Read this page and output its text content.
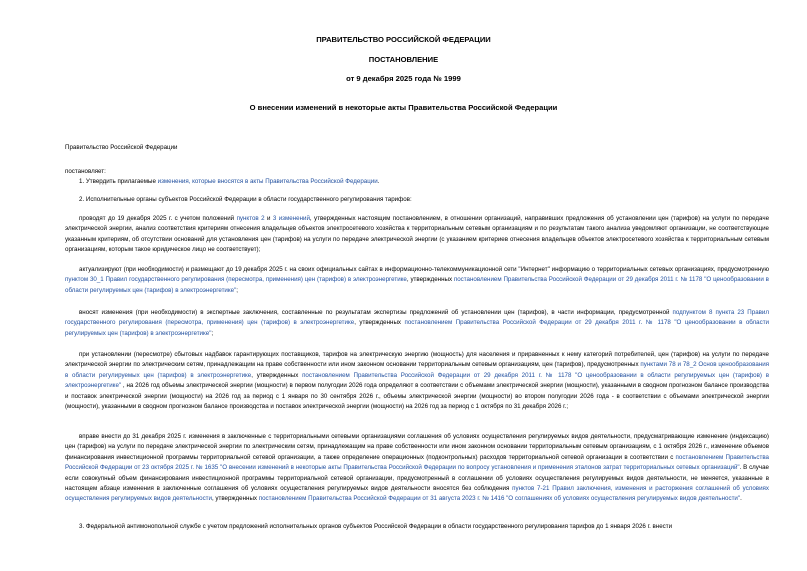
ПРАВИТЕЛЬСТВО РОССИЙСКОЙ ФЕДЕРАЦИИ
ПОСТАНОВЛЕНИЕ
от 9 декабря 2025 года № 1999
О внесении изменений в некоторые акты Правительства Российской Федерации

Правительство Российской Федерации

постановляет:

1. Утвердить прилагаемые изменения, которые вносятся в акты Правительства Российской Федерации.

2. Исполнительные органы субъектов Российской Федерации в области государственного регулирования тарифов:

проводят до 19 декабря 2025 г. с учетом положений пунктов 2 и 3 изменений, утвержденных настоящим постановлением, в отношении организаций, направивших предложения об установлении цен (тарифов) на услуги по передаче электрической энергии, анализ соответствия критериям отнесения владельцев объектов электросетевого хозяйства к территориальным сетевым организациям и по результатам такого анализа уведомляют организации, не соответствующие указанным критериям, об отсутствии оснований для установления цен (тарифов) на услуги по передаче электрической энергии (с указанием критериев отнесения владельцев объектов электросетевого хозяйства к территориальным сетевым организациям, которым такое юридическое лицо не соответствует);

актуализируют (при необходимости) и размещают до 19 декабря 2025 г. на своих официальных сайтах в информационно-телекоммуникационной сети "Интернет" информацию о территориальных сетевых организациях, предусмотренную пунктом 30_1 Правил государственного регулирования (пересмотра, применения) цен (тарифов) в электроэнергетике, утвержденных постановлением Правительства Российской Федерации от 29 декабря 2011 г. № 1178 "О ценообразовании в области регулируемых цен (тарифов) в электроэнергетике";

вносят изменения (при необходимости) в экспертные заключения, составленные по результатам экспертизы предложений об установлении цен (тарифов), в части информации, предусмотренной подпунктом 8 пункта 23 Правил государственного регулирования (пересмотра, применения) цен (тарифов) в электроэнергетике, утвержденных постановлением Правительства Российской Федерации от 29 декабря 2011 г. № 1178 "О ценообразовании в области регулируемых цен (тарифов) в электроэнергетике";

при установлении (пересмотре) сбытовых надбавок гарантирующих поставщиков, тарифов на электрическую энергию (мощность) для населения и приравненных к нему категорий потребителей, цен (тарифов) на услуги по передаче электрической энергии по электрическим сетям, принадлежащим на праве собственности или ином законном основании территориальным сетевым организациям, цен (тарифов), предусмотренных пунктами 78 и 78_2 Основ ценообразования в области регулируемых цен (тарифов) в электроэнергетике, утвержденных постановлением Правительства Российской Федерации от 29 декабря 2011 г. № 1178 "О ценообразовании в области регулируемых цен (тарифов) в электроэнергетике" , на 2026 год объемы электрической энергии (мощности) в первом полугодии 2026 года определяют в соответствии с объемами электрической энергии (мощности), указанными в сводном прогнозном балансе производства и поставок электрической энергии (мощности) на 2026 год за период с 1 января по 30 сентября 2026 г., объемы электрической энергии (мощности) во втором полугодии 2026 года - в соответствии с объемами электрической энергии (мощности), указанными в сводном прогнозном балансе производства и поставок электрической энергии (мощности) на 2026 год за период с 1 октября по 31 декабря 2026 г.;

вправе внести до 31 декабря 2025 г. изменения в заключенные с территориальными сетевыми организациями соглашения об условиях осуществления регулируемых видов деятельности, предусматривающие изменение (индексацию) цен (тарифов) на услуги по передаче электрической энергии по электрическим сетям, принадлежащим на праве собственности или ином законном основании территориальным сетевым организациям, с 1 октября 2026 г., изменение объемов финансирования инвестиционной программы территориальной сетевой организации, а также определение операционных (подконтрольных) расходов территориальной сетевой организации в соответствии с постановлением Правительства Российской Федерации от 23 октября 2025 г. № 1635 "О внесении изменений в некоторые акты Правительства Российской Федерации по вопросу установления и применения эталонов затрат территориальных сетевых организаций". В случае если совокупный объем финансирования инвестиционной программы территориальной сетевой организации, предусмотренный в соглашении об условиях осуществления регулируемых видов деятельности, не меняется, указанные в настоящем абзаце изменения в заключенные соглашения об условиях осуществления регулируемых видов деятельности вносятся без соблюдения пунктов 7-21 Правил заключения, изменения и расторжения соглашений об условиях осуществления регулируемых видов деятельности, утвержденных постановлением Правительства Российской Федерации от 31 августа 2023 г. № 1416 "О соглашениях об условиях осуществления регулируемых видов деятельности".

3. Федеральной антимонопольной службе с учетом предложений исполнительных органов субъектов Российской Федерации в области государственного регулирования тарифов до 1 января 2026 г. внести
